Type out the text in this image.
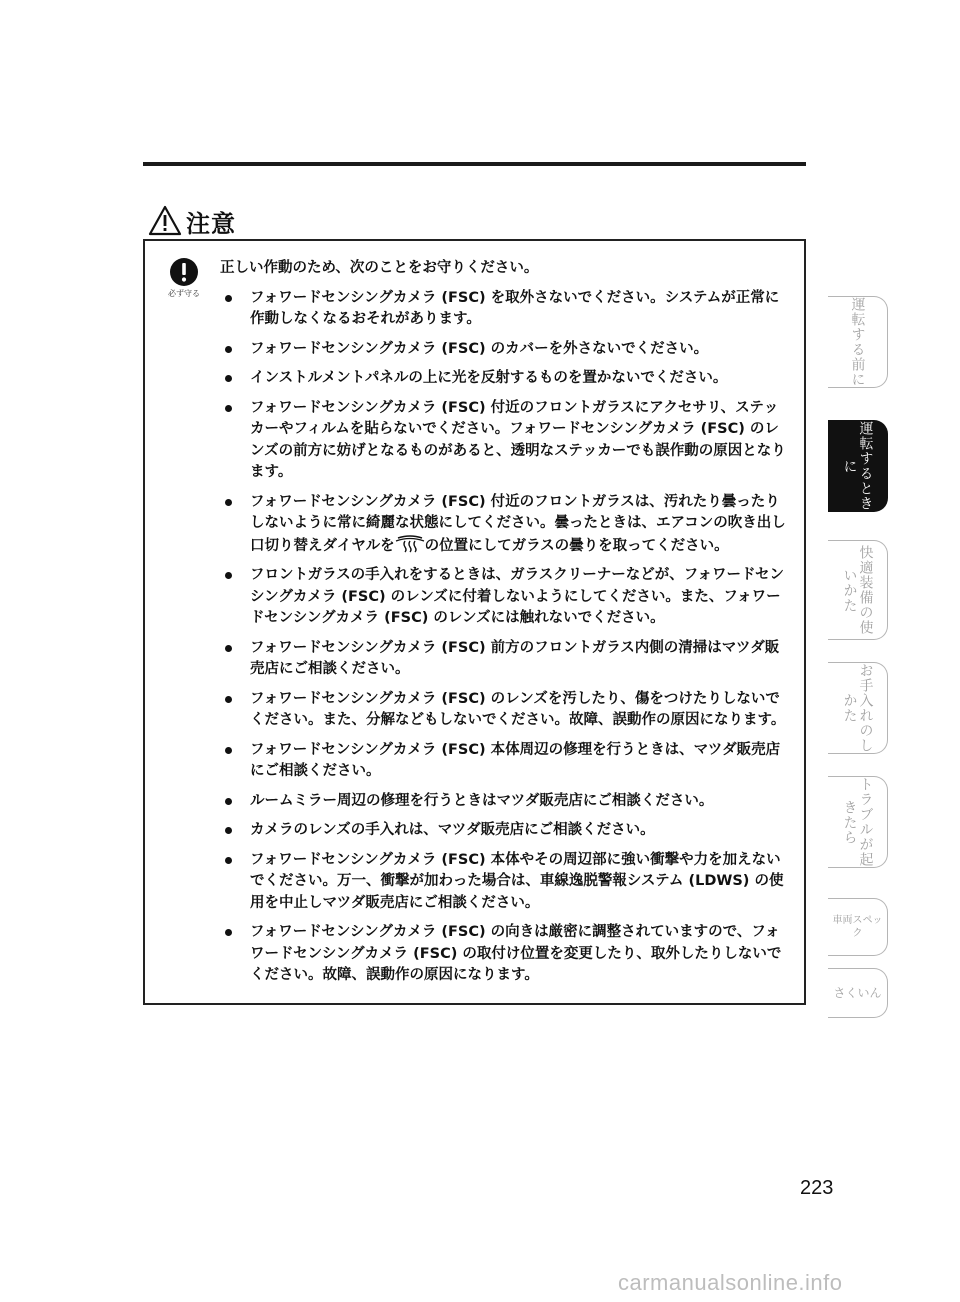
注意
必ず守る

正しい作動のため、次のことをお守りください。

フォワードセンシングカメラ (FSC) を取外さないでください。システムが正常に作動しなくなるおそれがあります。
フォワードセンシングカメラ (FSC) のカバーを外さないでください。
インストルメントパネルの上に光を反射するものを置かないでください。
フォワードセンシングカメラ (FSC) 付近のフロントガラスにアクセサリ、ステッカーやフィルムを貼らないでください。フォワードセンシングカメラ (FSC) のレンズの前方に妨げとなるものがあると、透明なステッカーでも誤作動の原因となります。
フォワードセンシングカメラ (FSC) 付近のフロントガラスは、汚れたり曇ったりしないように常に綺麗な状態にしてください。曇ったときは、エアコンの吹き出し口切り替えダイヤルを の位置にしてガラスの曇りを取ってください。
フロントガラスの手入れをするときは、ガラスクリーナーなどが、フォワードセンシングカメラ (FSC) のレンズに付着しないようにしてください。また、フォワードセンシングカメラ (FSC) のレンズには触れないでください。
フォワードセンシングカメラ (FSC) 前方のフロントガラス内側の清掃はマツダ販売店にご相談ください。
フォワードセンシングカメラ (FSC) のレンズを汚したり、傷をつけたりしないでください。また、分解などもしないでください。故障、誤動作の原因になります。
フォワードセンシングカメラ (FSC) 本体周辺の修理を行うときは、マツダ販売店にご相談ください。
ルームミラー周辺の修理を行うときはマツダ販売店にご相談ください。
カメラのレンズの手入れは、マツダ販売店にご相談ください。
フォワードセンシングカメラ (FSC) 本体やその周辺部に強い衝撃や力を加えないでください。万一、衝撃が加わった場合は、車線逸脱警報システム (LDWS) の使用を中止しマツダ販売店にご相談ください。
フォワードセンシングカメラ (FSC) の向きは厳密に調整されていますので、フォワードセンシングカメラ (FSC) の取付け位置を変更したり、取外したりしないでください。故障、誤動作の原因になります。
運転する前に
運転するときに
快適装備の使いかた
お手入れのしかた
トラブルが起きたら
車両スペック
さくいん
223
carmanualsonline.info
